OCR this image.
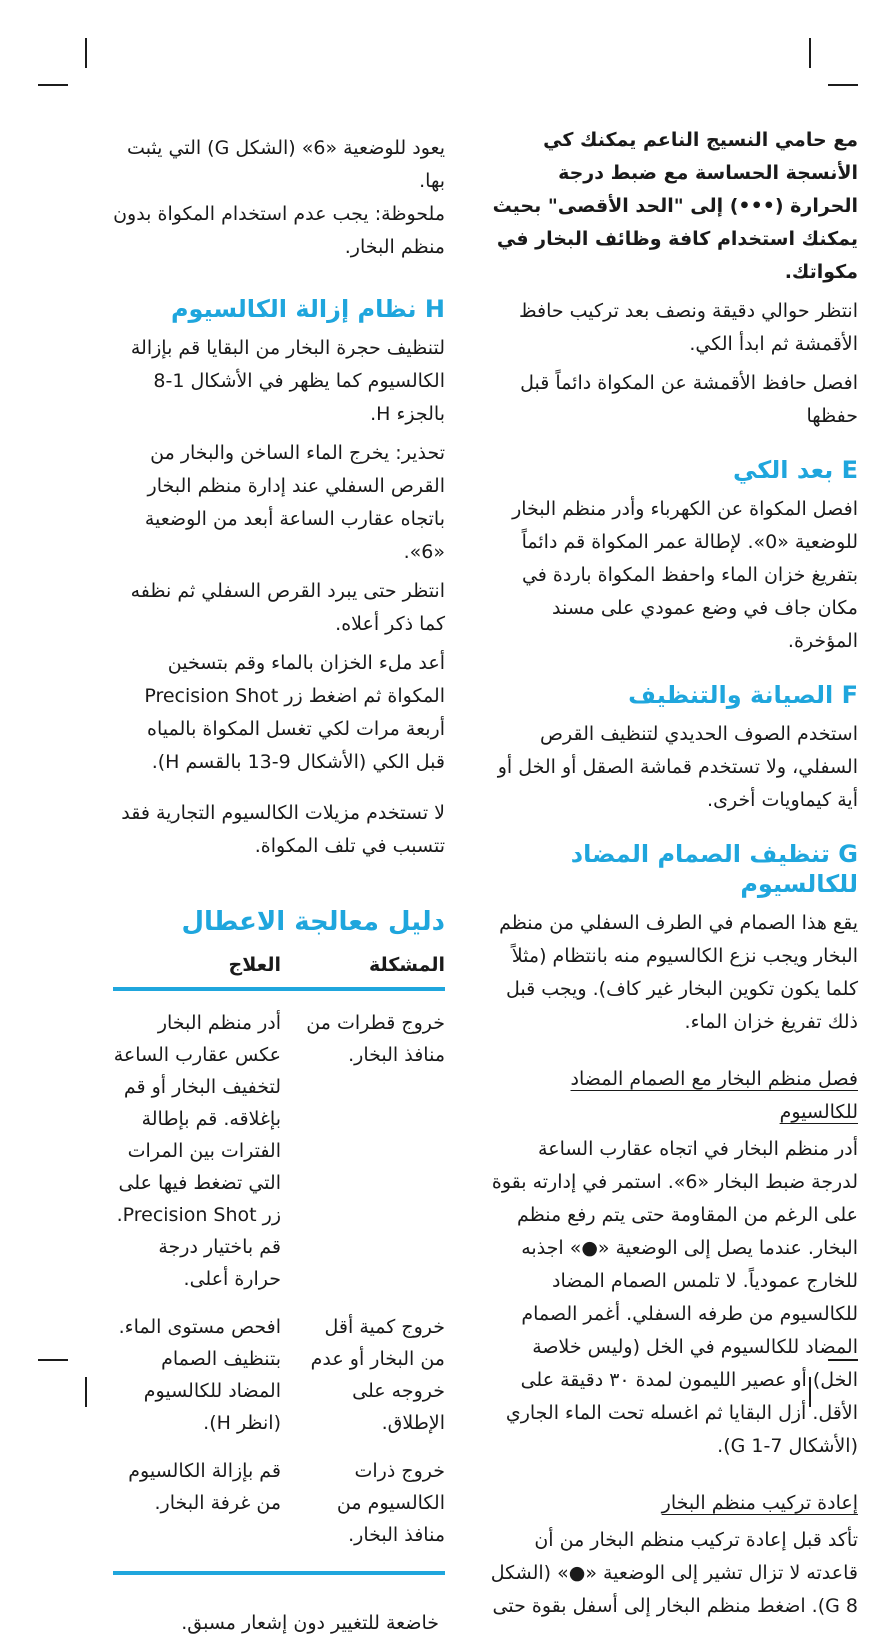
مع حامي النسيج الناعم يمكنك كي الأنسجة الحساسة مع ضبط درجة الحرارة (•••) إلى "الحد الأقصى" بحيث يمكنك استخدام كافة وظائف البخار في مكواتك.

انتظر حوالي دقيقة ونصف بعد تركيب حافظ الأقمشة ثم ابدأ الكي.

افصل حافظ الأقمشة عن المكواة دائماً قبل حفظها

E بعد الكي

افصل المكواة عن الكهرباء وأدر منظم البخار للوضعية «0». لإطالة عمر المكواة قم دائماً بتفريغ خزان الماء واحفظ المكواة باردة في مكان جاف في وضع عمودي على مسند المؤخرة.

F الصيانة والتنظيف

استخدم الصوف الحديدي لتنظيف القرص السفلي، ولا تستخدم قماشة الصقل أو الخل أو أية كيماويات أخرى.

G تنظيف الصمام المضاد للكالسيوم

يقع هذا الصمام في الطرف السفلي من منظم البخار ويجب نزع الكالسيوم منه بانتظام (مثلاً كلما يكون تكوين البخار غير كاف). ويجب قبل ذلك تفريغ خزان الماء.

فصل منظم البخار مع الصمام المضاد للكالسيوم

أدر منظم البخار في اتجاه عقارب الساعة لدرجة ضبط البخار «6». استمر في إدارته بقوة على الرغم من المقاومة حتى يتم رفع منظم البخار. عندما يصل إلى الوضعية «●» اجذبه للخارج عمودياً. لا تلمس الصمام المضاد للكالسيوم من طرفه السفلي. أغمر الصمام المضاد للكالسيوم في الخل (وليس خلاصة الخل) أو عصير الليمون لمدة ٣٠ دقيقة على الأقل. أزل البقايا ثم اغسله تحت الماء الجاري (الأشكال G 1-7).

إعادة تركيب منظم البخار

تأكد قبل إعادة تركيب منظم البخار من أن قاعدته لا تزال تشير إلى الوضعية «●» (الشكل G 8). اضغط منظم البخار إلى أسفل بقوة حتى

يعود للوضعية «6» (الشكل G) التي يثبت بها.

ملحوظة: يجب عدم استخدام المكواة بدون منظم البخار.

H نظام إزالة الكالسيوم

لتنظيف حجرة البخار من البقايا قم بإزالة الكالسيوم كما يظهر في الأشكال 1-8 بالجزء H.

تحذير: يخرج الماء الساخن والبخار من القرص السفلي عند إدارة منظم البخار باتجاه عقارب الساعة أبعد من الوضعية «6».

انتظر حتى يبرد القرص السفلي ثم نظفه كما ذكر أعلاه.

أعد ملء الخزان بالماء وقم بتسخين المكواة ثم اضغط زر Precision Shot أربعة مرات لكي تغسل المكواة بالمياه قبل الكي (الأشكال 9-13 بالقسم H).

لا تستخدم مزيلات الكالسيوم التجارية فقد تتسبب في تلف المكواة.

دليل معالجة الاعطال
المشكلة
العلاج
خروج قطرات من منافذ البخار.
أدر منظم البخار عكس عقارب الساعة لتخفيف البخار أو قم بإغلاقه. قم بإطالة الفترات بين المرات التي تضغط فيها على زر Precision Shot. قم باختيار درجة حرارة أعلى.
خروج كمية أقل من البخار أو عدم خروجه على الإطلاق.
افحص مستوى الماء. بتنظيف الصمام المضاد للكالسيوم (انظر H).
خروج ذرات الكالسيوم من منافذ البخار.
قم بإزالة الكالسيوم من غرفة البخار.

خاضعة للتغيير دون إشعار مسبق.
